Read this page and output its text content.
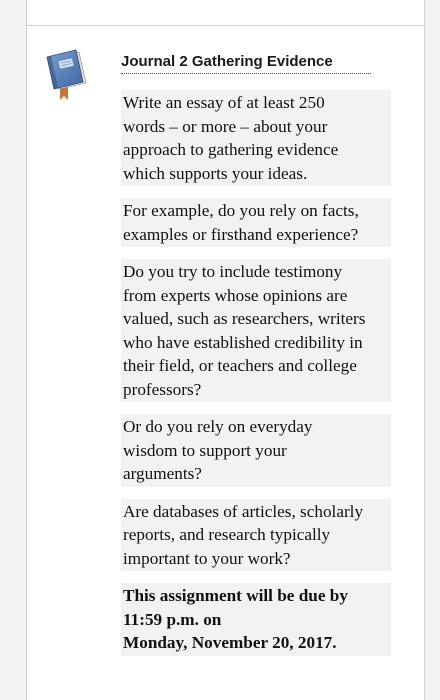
Journal 2 Gathering Evidence
Write an essay of at least 250
words – or more – about your
approach to gathering evidence
which supports your ideas.
For example, do you rely on facts,
examples or firsthand experience?
Do you try to include testimony
from experts whose opinions are
valued, such as researchers, writers
who have established credibility in
their field, or teachers and college
professors?
Or do you rely on everyday
wisdom to support your
arguments?
Are databases of articles, scholarly
reports, and research typically
important to your work?
This assignment will be due by
11:59 p.m. on
Monday, November 20, 2017.
